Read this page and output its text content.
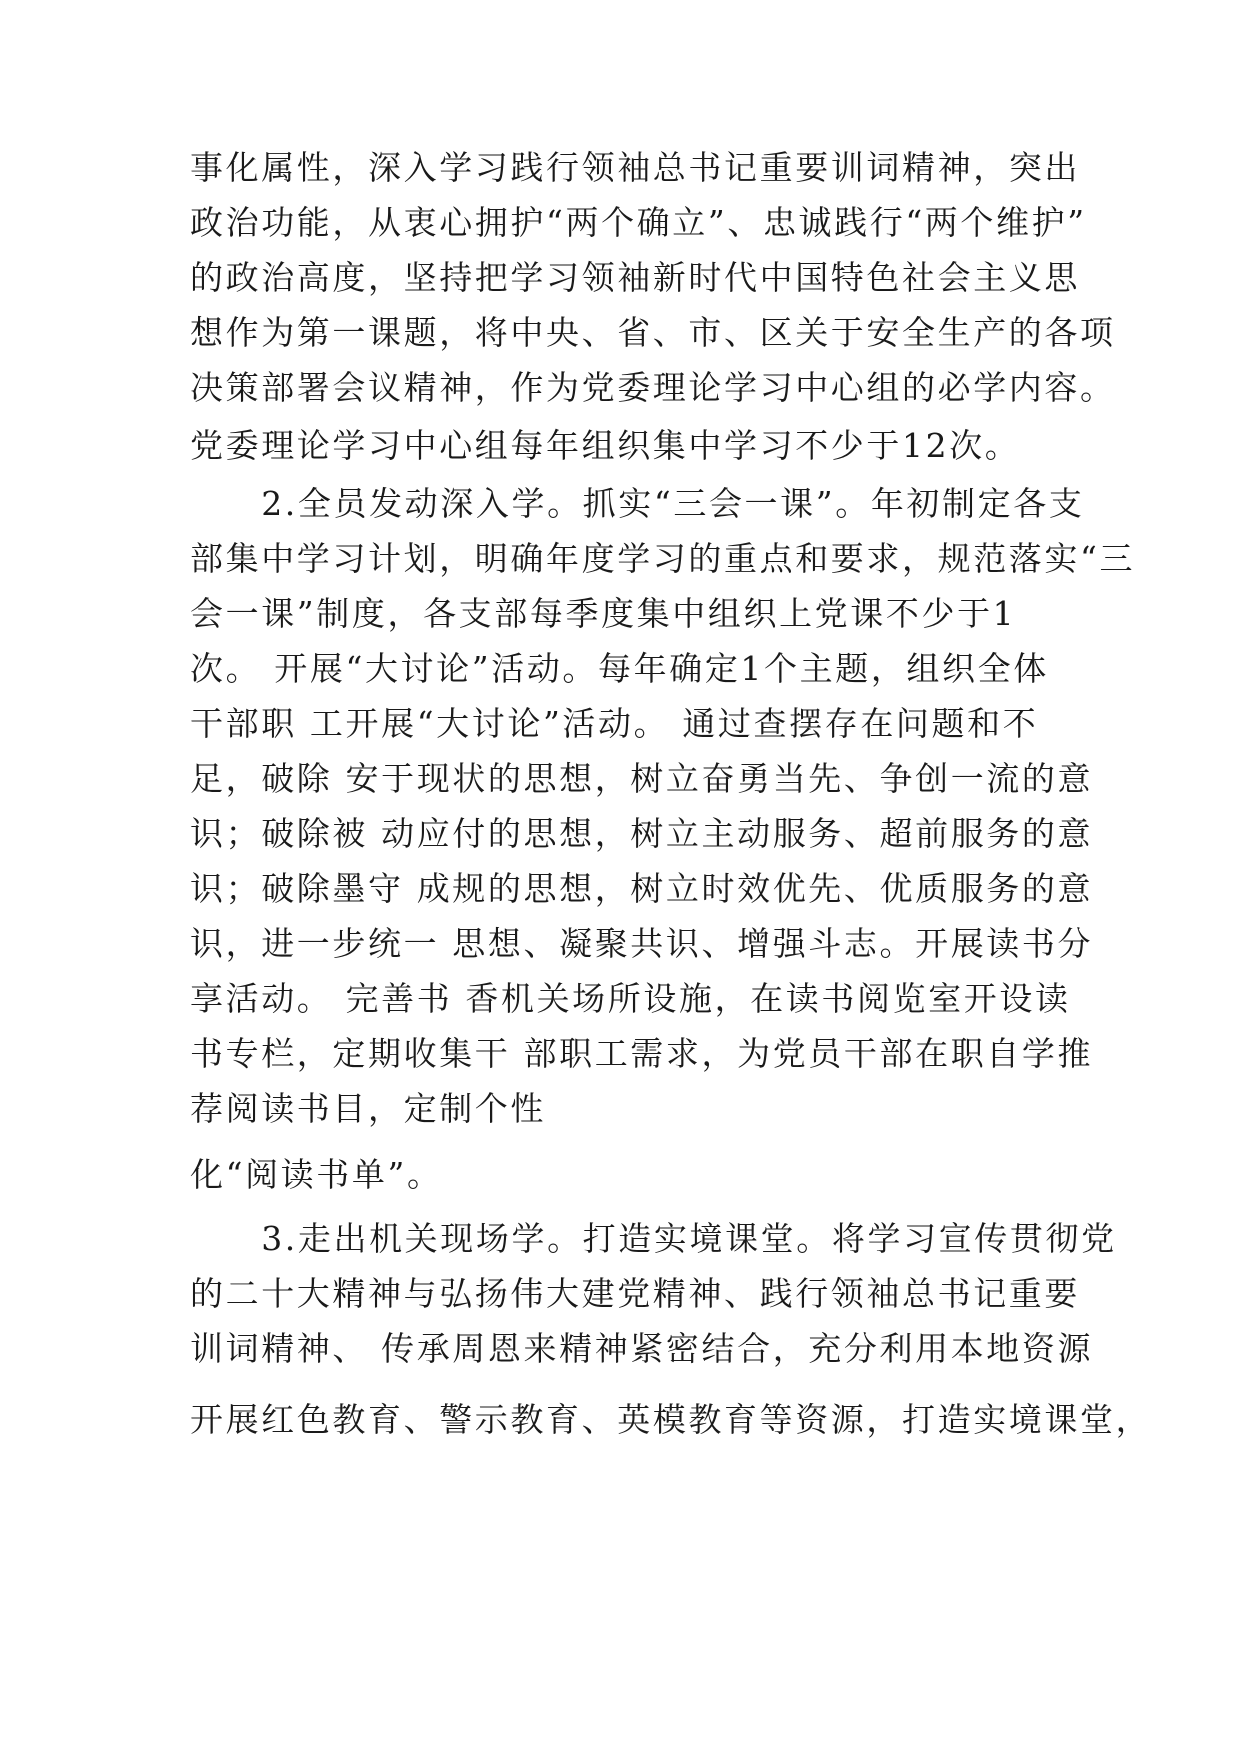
事化属性，深入学习践行领袖总书记重要训词精神，突出
政治功能，从衷心拥护“两个确立”、忠诚践行“两个维护”
的政治高度，坚持把学习领袖新时代中国特色社会主义思
想作为第一课题，将中央、省、市、区关于安全生产的各项
决策部署会议精神，作为党委理论学习中心组的必学内容。
党委理论学习中心组每年组织集中学习不少于12次。
　　2.全员发动深入学。抓实“三会一课”。年初制定各支
部集中学习计划，明确年度学习的重点和要求，规范落实“三
会一课”制度，各支部每季度集中组织上党课不少于1
次。 开展“大讨论”活动。每年确定1个主题，组织全体
干部职 工开展“大讨论”活动。 通过查摆存在问题和不
足，破除 安于现状的思想，树立奋勇当先、争创一流的意
识；破除被 动应付的思想，树立主动服务、超前服务的意
识；破除墨守 成规的思想，树立时效优先、优质服务的意
识，进一步统一 思想、凝聚共识、增强斗志。开展读书分
享活动。 完善书 香机关场所设施，在读书阅览室开设读
书专栏，定期收集干 部职工需求，为党员干部在职自学推
荐阅读书目，定制个性
化“阅读书单”。
　　3.走出机关现场学。打造实境课堂。将学习宣传贯彻党
的二十大精神与弘扬伟大建党精神、践行领袖总书记重要
训词精神、 传承周恩来精神紧密结合，充分利用本地资源
开展红色教育、警示教育、英模教育等资源，打造实境课堂，
